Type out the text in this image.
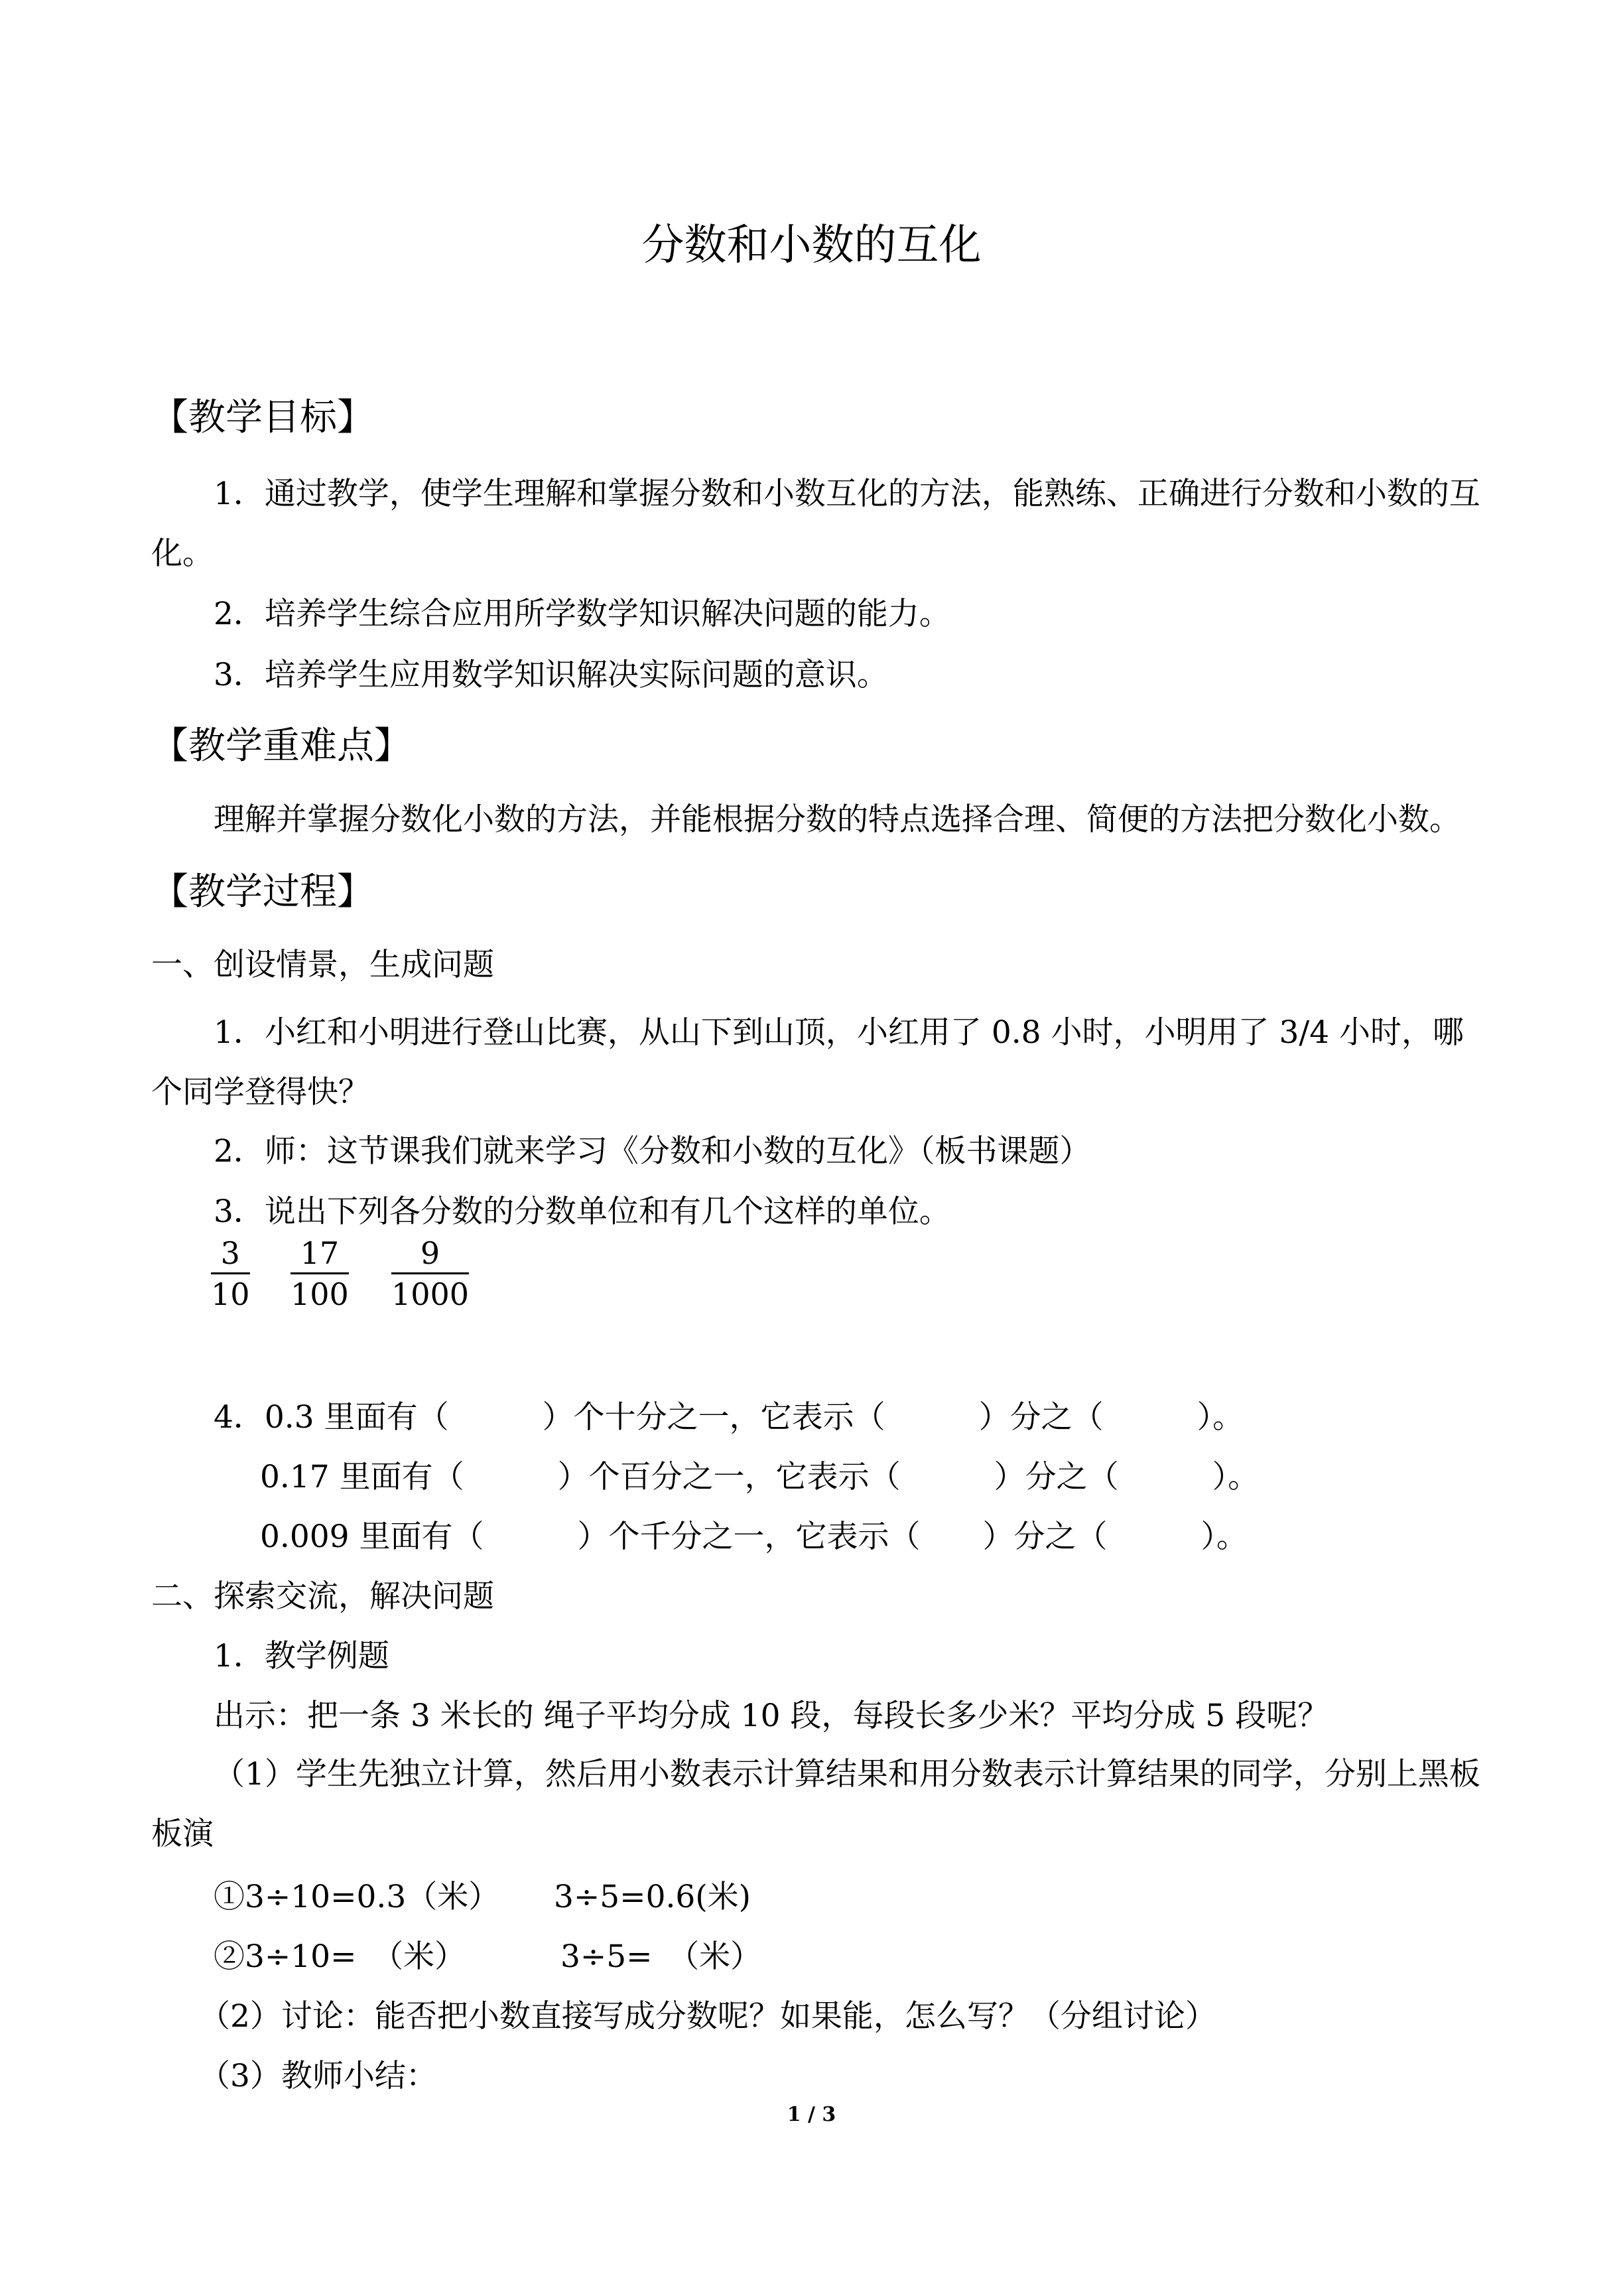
分数和小数的互化
【教学目标】
1．通过教学，使学生理解和掌握分数和小数互化的方法，能熟练、正确进行分数和小数的互化。
2．培养学生综合应用所学数学知识解决问题的能力。
3．培养学生应用数学知识解决实际问题的意识。
【教学重难点】
理解并掌握分数化小数的方法，并能根据分数的特点选择合理、简便的方法把分数化小数。
【教学过程】
一、创设情景，生成问题
1．小红和小明进行登山比赛，从山下到山顶，小红用了 0.8 小时，小明用了 3/4 小时，哪个同学登得快？
2．师：这节课我们就来学习《分数和小数的互化》（板书课题）
3．说出下列各分数的分数单位和有几个这样的单位。
$\frac{3}{10} \frac{17}{100} \frac{9}{1000}$
4．0.3 里面有（　　　）个十分之一，它表示（　　　）分之（　　　）。
0.17 里面有（　　　）个百分之一，它表示（　　　）分之（　　　）。
0.009 里面有（　　　）个千分之一，它表示（　　）分之（　　　）。
二、探索交流，解决问题
1．教学例题
出示：把一条 3 米长的 绳子平均分成 10 段，每段长多少米？平均分成 5 段呢？
（1）学生先独立计算，然后用小数表示计算结果和用分数表示计算结果的同学，分别上黑板板演
①3÷10=0.3（米） 3÷5=0.6(米)
②3÷10=　（米）	3÷5=　（米）
（2）讨论：能否把小数直接写成分数呢？如果能，怎么写？（分组讨论）
（3）教师小结：
1 / 3
